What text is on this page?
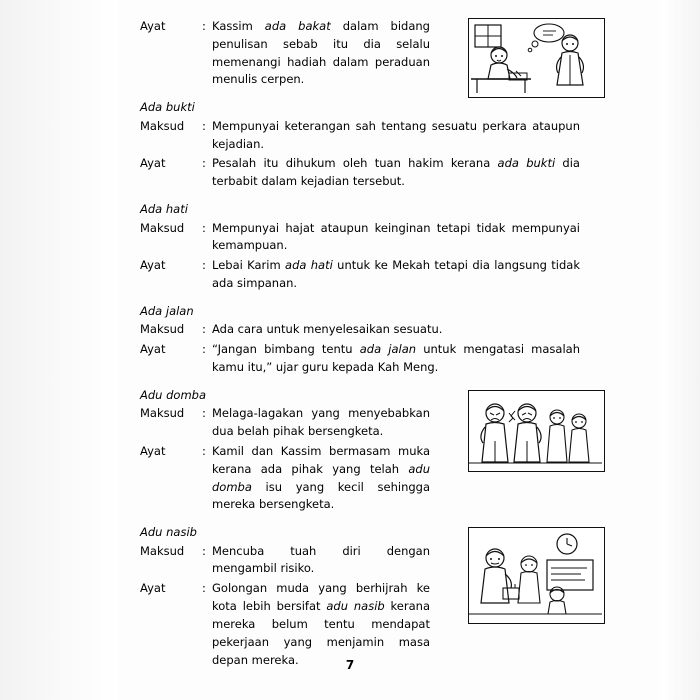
Ayat	: Kassim ada bakat dalam bidang penulisan sebab itu dia selalu memenangi hadiah dalam peraduan menulis cerpen.
Ada bukti
Maksud	: Mempunyai keterangan sah tentang sesuatu perkara ataupun kejadian.
Ayat	: Pesalah itu dihukum oleh tuan hakim kerana ada bukti dia terbabit dalam kejadian tersebut.
Ada hati
Maksud	: Mempunyai hajat ataupun keinginan tetapi tidak mempunyai kemampuan.
Ayat	: Lebai Karim ada hati untuk ke Mekah tetapi dia langsung tidak ada simpanan.
Ada jalan
Maksud	: Ada cara untuk menyelesaikan sesuatu.
Ayat	: “Jangan bimbang tentu ada jalan untuk mengatasi masalah kamu itu,” ujar guru kepada Kah Meng.
Adu domba
Maksud	: Melaga-lagakan yang menyebabkan dua belah pihak bersengketa.
Ayat	: Kamil dan Kassim bermasam muka kerana ada pihak yang telah adu domba isu yang kecil sehingga mereka bersengketa.
Adu nasib
Maksud	: Mencuba tuah diri dengan mengambil risiko.
Ayat	: Golongan muda yang berhijrah ke kota lebih bersifat adu nasib kerana mereka belum tentu mendapat pekerjaan yang menjamin masa depan mereka.	7
